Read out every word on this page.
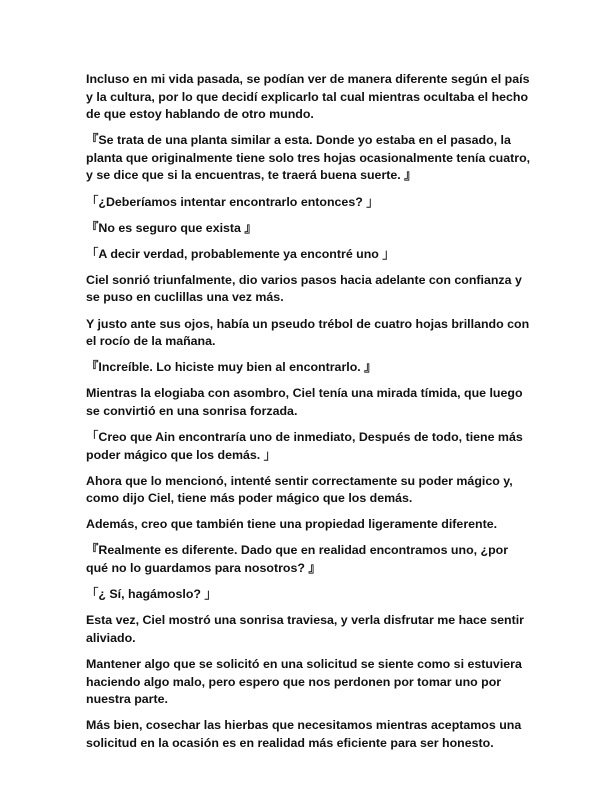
Incluso en mi vida pasada, se podían ver de manera diferente según el país y la cultura, por lo que decidí explicarlo tal cual mientras ocultaba el hecho de que estoy hablando de otro mundo.

『Se trata de una planta similar a esta. Donde yo estaba en el pasado, la planta que originalmente tiene solo tres hojas ocasionalmente tenía cuatro, y se dice que si la encuentras, te traerá buena suerte. 』

「¿Deberíamos intentar encontrarlo entonces? 」

『No es seguro que exista 』

「A decir verdad, probablemente ya encontré uno 」

Ciel sonrió triunfalmente, dio varios pasos hacia adelante con confianza y se puso en cuclillas una vez más.

Y justo ante sus ojos, había un pseudo trébol de cuatro hojas brillando con el rocío de la mañana.

『Increíble. Lo hiciste muy bien al encontrarlo. 』

Mientras la elogiaba con asombro, Ciel tenía una mirada tímida, que luego se convirtió en una sonrisa forzada.

「Creo que Ain encontraría uno de inmediato, Después de todo, tiene más poder mágico que los demás. 」

Ahora que lo mencionó, intenté sentir correctamente su poder mágico y, como dijo Ciel, tiene más poder mágico que los demás.

Además, creo que también tiene una propiedad ligeramente diferente.

『Realmente es diferente. Dado que en realidad encontramos uno, ¿por qué no lo guardamos para nosotros? 』

「¿ Sí, hagámoslo? 」

Esta vez, Ciel mostró una sonrisa traviesa, y verla disfrutar me hace sentir aliviado.

Mantener algo que se solicitó en una solicitud se siente como si estuviera haciendo algo malo, pero espero que nos perdonen por tomar uno por nuestra parte.

Más bien, cosechar las hierbas que necesitamos mientras aceptamos una solicitud en la ocasión es en realidad más eficiente para ser honesto.
